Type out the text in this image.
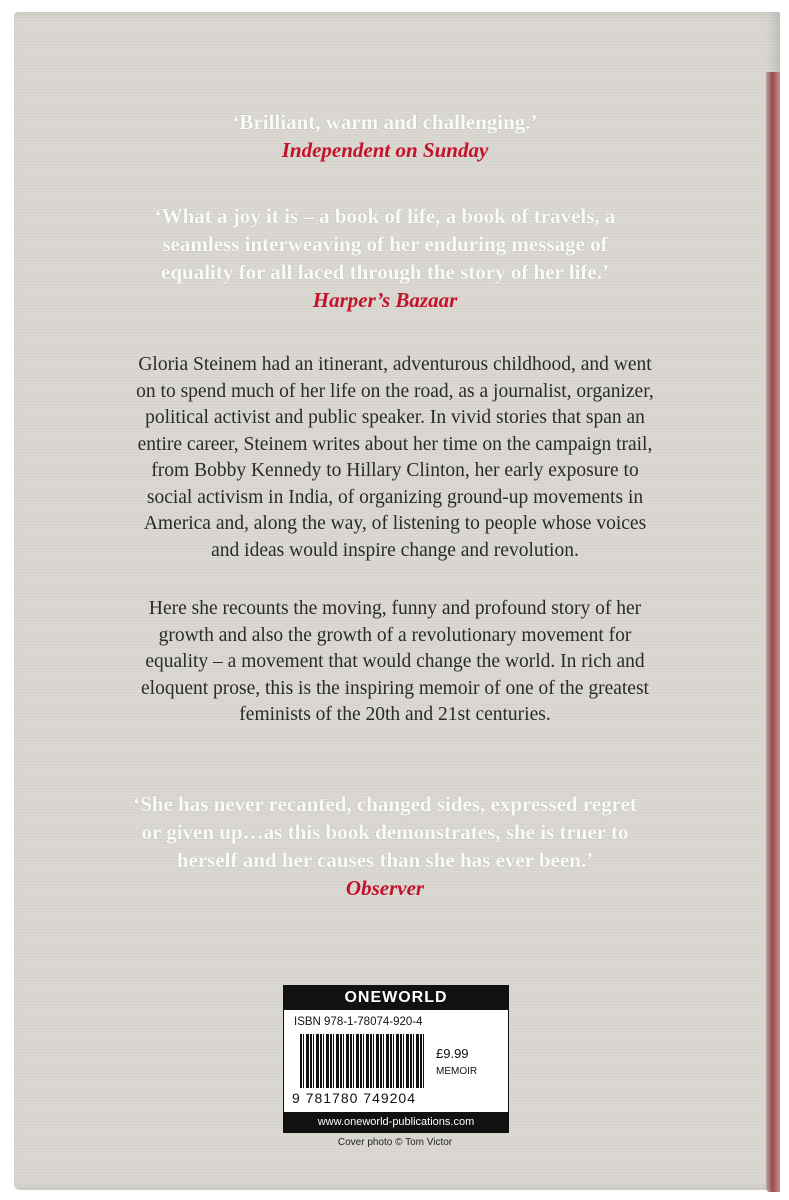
‘Brilliant, warm and challenging.’
Independent on Sunday
‘What a joy it is – a book of life, a book of travels, a
seamless interweaving of her enduring message of
equality for all laced through the story of her life.’
Harper’s Bazaar
Gloria Steinem had an itinerant, adventurous childhood, and went
on to spend much of her life on the road, as a journalist, organizer,
political activist and public speaker. In vivid stories that span an
entire career, Steinem writes about her time on the campaign trail,
from Bobby Kennedy to Hillary Clinton, her early exposure to
social activism in India, of organizing ground-up movements in
America and, along the way, of listening to people whose voices
and ideas would inspire change and revolution.
Here she recounts the moving, funny and profound story of her
growth and also the growth of a revolutionary movement for
equality – a movement that would change the world. In rich and
eloquent prose, this is the inspiring memoir of one of the greatest
feminists of the 20th and 21st centuries.
‘She has never recanted, changed sides, expressed regret
or given up…as this book demonstrates, she is truer to
herself and her causes than she has ever been.’
Observer
ONEWORLD
ISBN 978-1-78074-920-4
£9.99
MEMOIR
9 781780 749204
www.oneworld-publications.com
Cover photo © Tom Victor
